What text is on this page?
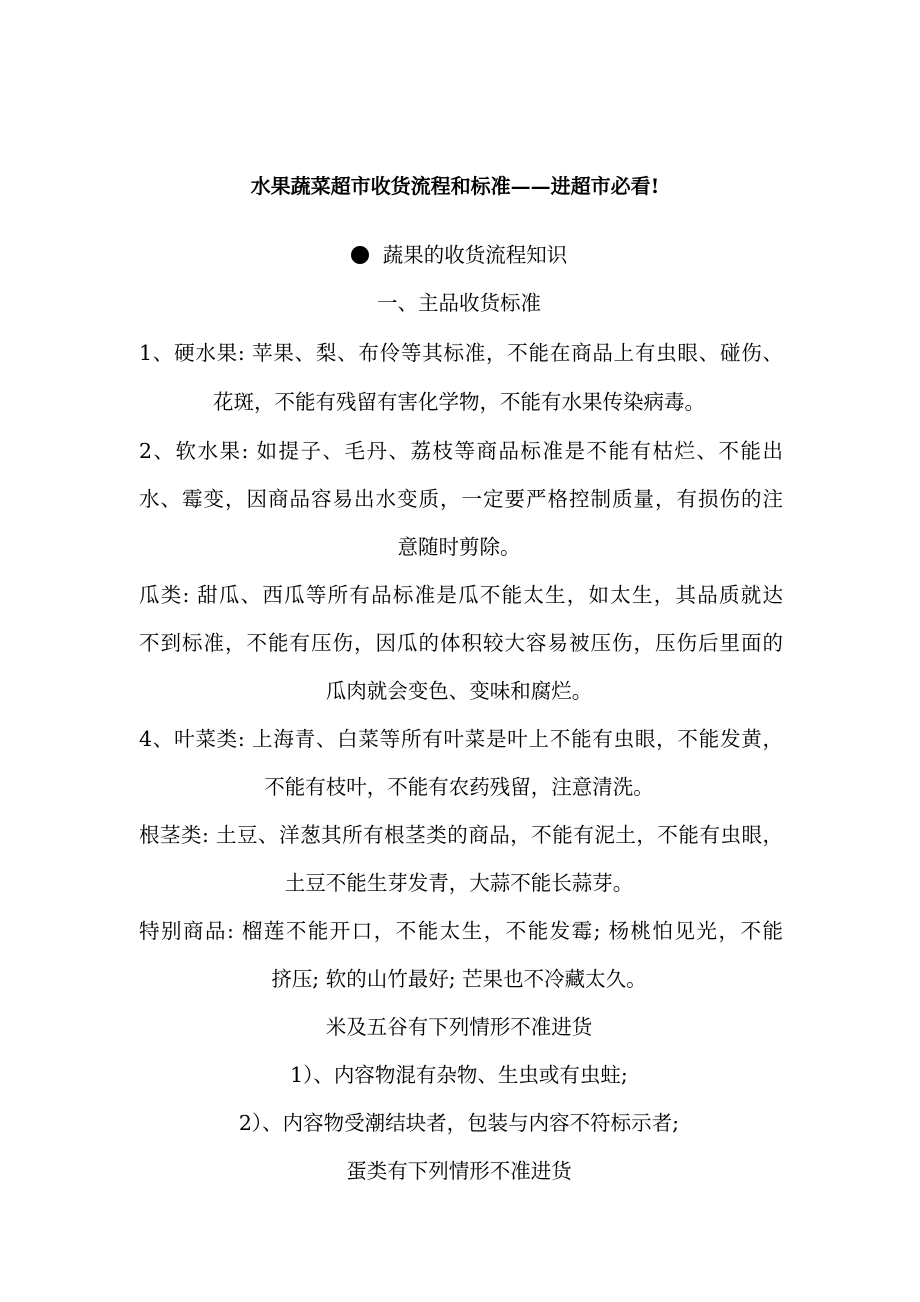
水果蔬菜超市收货流程和标准——进超市必看!
蔬果的收货流程知识
一、主品收货标准
1、硬水果: 苹果、梨、布伶等其标准，不能在商品上有虫眼、碰伤、
花斑，不能有残留有害化学物，不能有水果传染病毒。
2、软水果: 如提子、毛丹、荔枝等商品标准是不能有枯烂、不能出
水、霉变，因商品容易出水变质，一定要严格控制质量，有损伤的注
意随时剪除。
瓜类: 甜瓜、西瓜等所有品标准是瓜不能太生，如太生，其品质就达
不到标准，不能有压伤，因瓜的体积较大容易被压伤，压伤后里面的
瓜肉就会变色、变味和腐烂。
4、叶菜类: 上海青、白菜等所有叶菜是叶上不能有虫眼，不能发黄，
不能有枝叶，不能有农药残留，注意清洗。
根茎类: 土豆、洋葱其所有根茎类的商品，不能有泥土，不能有虫眼，
土豆不能生芽发青，大蒜不能长蒜芽。
特别商品: 榴莲不能开口，不能太生，不能发霉; 杨桃怕见光，不能
挤压; 软的山竹最好; 芒果也不冷藏太久。
米及五谷有下列情形不准进货
1）、内容物混有杂物、生虫或有虫蛀;
2）、内容物受潮结块者，包装与内容不符标示者;
蛋类有下列情形不准进货
